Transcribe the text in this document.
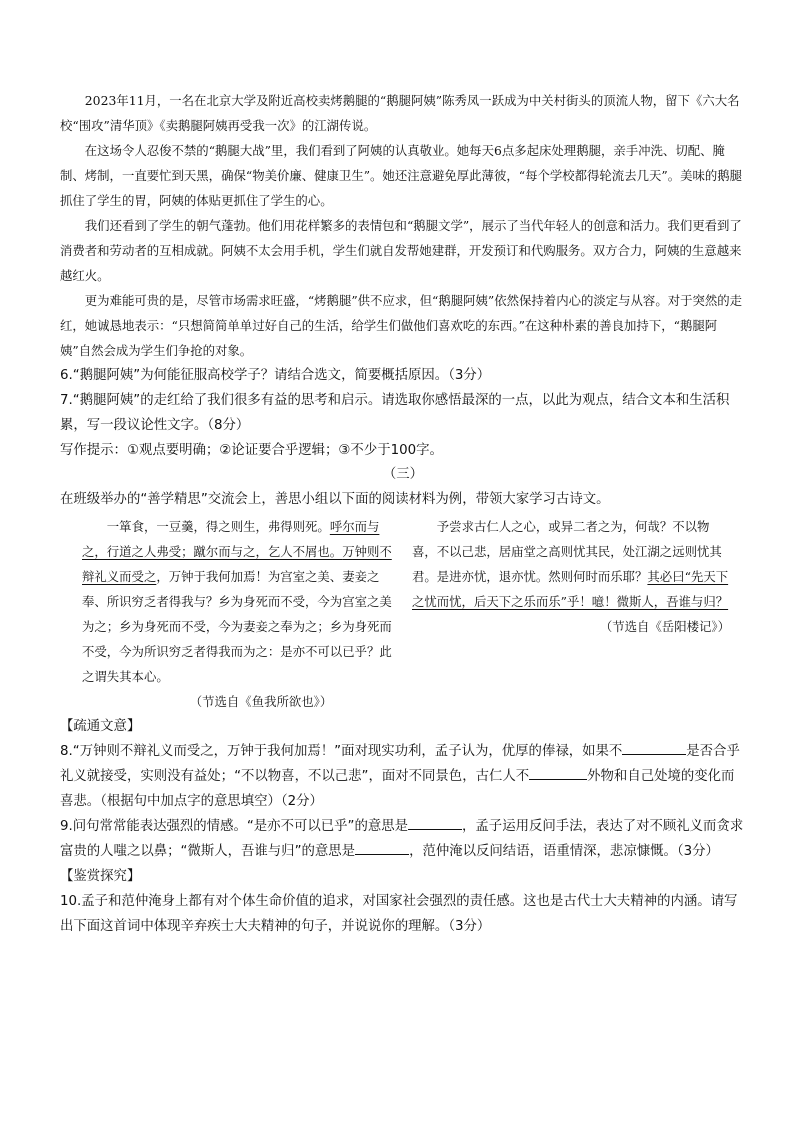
2023年11月，一名在北京大学及附近高校卖烤鹅腿的“鹅腿阿姨”陈秀凤一跃成为中关村街头的顶流人物，留下《六大名校“围攻”清华顶》《卖鹅腿阿姨再受我一次》的江湖传说。

在这场令人忍俊不禁的“鹅腿大战”里，我们看到了阿姨的认真敬业。她每天6点多起床处理鹅腿，亲手冲洗、切配、腌制、烤制，一直要忙到天黑，确保“物美价廉、健康卫生”。她还注意避免厚此薄彼，“每个学校都得轮流去几天”。美味的鹅腿抓住了学生的胃，阿姨的体贴更抓住了学生的心。

我们还看到了学生的朝气蓬勃。他们用花样繁多的表情包和“鹅腿文学”，展示了当代年轻人的创意和活力。我们更看到了消费者和劳动者的互相成就。阿姨不太会用手机，学生们就自发帮她建群，开发预订和代购服务。双方合力，阿姨的生意越来越红火。

更为难能可贵的是，尽管市场需求旺盛，“烤鹅腿”供不应求，但“鹅腿阿姨”依然保持着内心的淡定与从容。对于突然的走红，她诚恳地表示：“只想简简单单过好自己的生活，给学生们做他们喜欢吃的东西。”在这种朴素的善良加持下，“鹅腿阿姨”自然会成为学生们争抢的对象。

6.“鹅腿阿姨”为何能征服高校学子？请结合选文，简要概括原因。（3分）

7.“鹅腿阿姨”的走红给了我们很多有益的思考和启示。请选取你感悟最深的一点，以此为观点，结合文本和生活积累，写一段议论性文字。（8分）

写作提示：①观点要明确；②论证要合乎逻辑；③不少于100字。

（三）

在班级举办的“善学精思”交流会上，善思小组以下面的阅读材料为例，带领大家学习古诗文。

一箪食，一豆羹，得之则生，弗得则死。呼尔而与之，行道之人弗受；蹴尔而与之，乞人不屑也。万钟则不辩礼义而受之，万钟于我何加焉！为宫室之美、妻妾之奉、所识穷乏者得我与？乡为身死而不受，今为宫室之美为之；乡为身死而不受，今为妻妾之奉为之；乡为身死而不受，今为所识穷乏者得我而为之：是亦不可以已乎？此之谓失其本心。
（节选自《鱼我所欲也》）
予尝求古仁人之心，或异二者之为，何哉？不以物喜，不以己悲，居庙堂之高则忧其民，处江湖之远则忧其君。是进亦忧，退亦忧。然则何时而乐耶？其必曰“先天下之忧而忧，后天下之乐而乐”乎！噫！微斯人，吾谁与归？
（节选自《岳阳楼记》）

【疏通文意】

8.“万钟则不辩礼义而受之，万钟于我何加焉！”面对现实功利，孟子认为，优厚的俸禄，如果不	是否合乎礼义就接受，实则没有益处；“不以物喜，不以己悲”，面对不同景色，古仁人不	外物和自己处境的变化而喜悲。（根据句中加点字的意思填空）（2分）

9.问句常常能表达强烈的情感。“是亦不可以已乎”的意思是	，孟子运用反问手法，表达了对不顾礼义而贪求富贵的人嗤之以鼻；“微斯人，吾谁与归”的意思是	，范仲淹以反问结语，语重情深，悲凉慷慨。（3分）

【鉴赏探究】

10.孟子和范仲淹身上都有对个体生命价值的追求，对国家社会强烈的责任感。这也是古代士大夫精神的内涵。请写出下面这首词中体现辛弃疾士大夫精神的句子，并说说你的理解。（3分）
